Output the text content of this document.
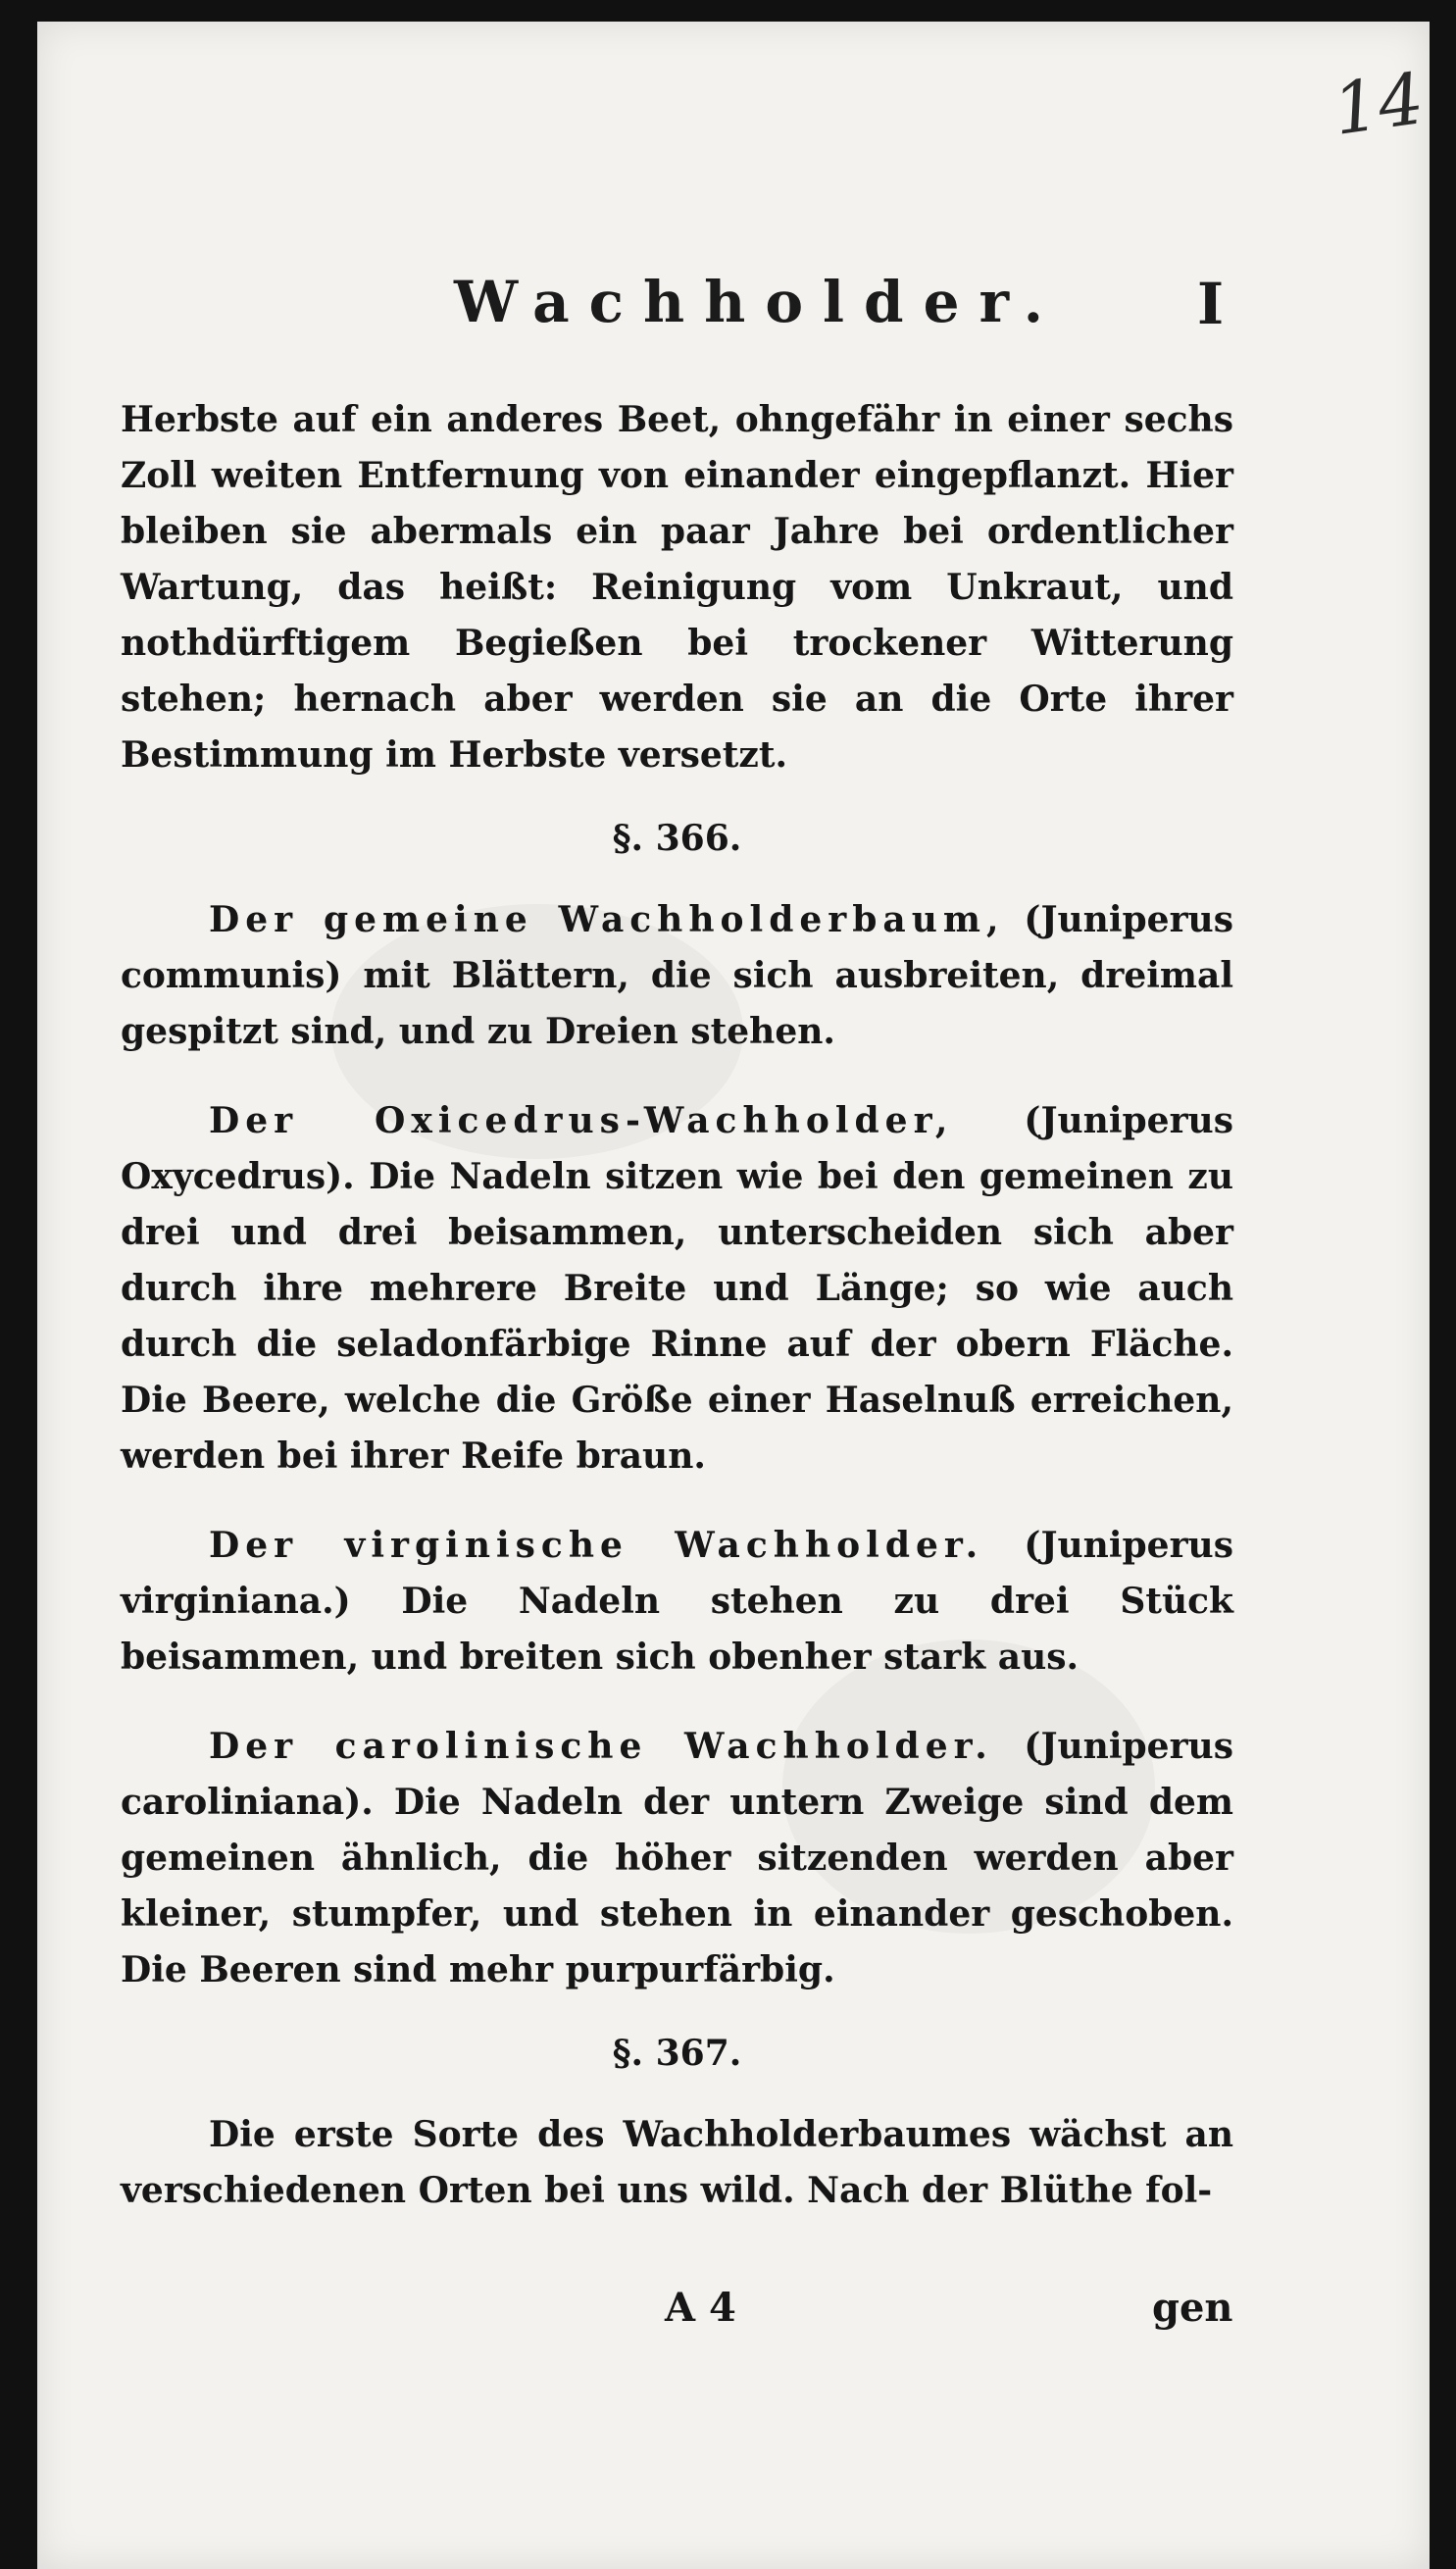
14
Wachholder. I

Herbste auf ein anderes Beet, ohngefähr in einer sechs Zoll weiten Entfernung von einander eingepflanzt. Hier bleiben sie abermals ein paar Jahre bei ordentlicher Wartung, das heißt: Reinigung vom Unkraut, und nothdürftigem Begießen bei trockener Witterung stehen; hernach aber werden sie an die Orte ihrer Bestimmung im Herbste versetzt.

§. 366.

Der gemeine Wachholderbaum, (Juniperus communis) mit Blättern, die sich ausbreiten, dreimal gespitzt sind, und zu Dreien stehen.

Der Oxicedrus-Wachholder, (Juniperus Oxycedrus). Die Nadeln sitzen wie bei den gemeinen zu drei und drei beisammen, unterscheiden sich aber durch ihre mehrere Breite und Länge; so wie auch durch die seladonfärbige Rinne auf der obern Fläche. Die Beere, welche die Größe einer Haselnuß erreichen, werden bei ihrer Reife braun.

Der virginische Wachholder. (Juniperus virginiana.) Die Nadeln stehen zu drei Stück beisammen, und breiten sich obenher stark aus.

Der carolinische Wachholder. (Juniperus caroliniana). Die Nadeln der untern Zweige sind dem gemeinen ähnlich, die höher sitzenden werden aber kleiner, stumpfer, und stehen in einander geschoben. Die Beeren sind mehr purpurfärbig.

§. 367.

Die erste Sorte des Wachholderbaumes wächst an verschiedenen Orten bei uns wild. Nach der Blüthe fol-

A 4	gen
